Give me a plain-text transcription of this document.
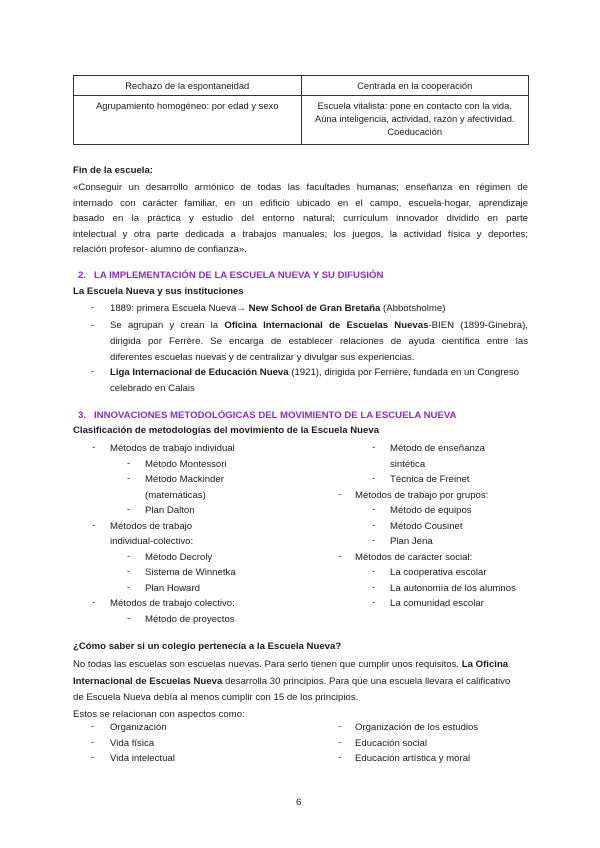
Rechazo de la espontaneidad	Centrada en la cooperación
Agrupamiento homogéneo: por edad y sexo	Escuela vitalista: pone en contacto con la vida.
Aúna inteligencia, actividad, razón y afectividad.
Coeducación
Fin de la escuela:
«Conseguir un desarrollo armónico de todas las facultades humanas; enseñanza en régimen de
internado con carácter familiar, en un edificio ubicado en el campo, escuela-hogar, aprendizaje
basado en la práctica y estudio del entorno natural; currículum innovador dividido en parte
intelectual y otra parte dedicada a trabajos manuales; los juegos, la actividad física y deportes;
relación profesor- alumno de confianza».
2.   LA IMPLEMENTACIÓN DE LA ESCUELA NUEVA Y SU DIFUSIÓN
La Escuela Nueva y sus instituciones
- 1889: primera Escuela Nueva→ New School de Gran Bretaña (Abbotsholme)
- Se agrupan y crean la Oficina Internacional de Escuelas Nuevas-BIEN (1899-Ginebra),
dirigida por Ferrère. Se encarga de establecer relaciones de ayuda científica entre las
diferentes escuelas nuevas y de centralizar y divulgar sus experiencias.
- Liga Internacional de Educación Nueva (1921), dirigida por Ferrière, fundada en un Congreso
celebrado en Calais
3.   INNOVACIONES METODOLÓGICAS DEL MOVIMIENTO DE LA ESCUELA NUEVA
Clasificación de metodologías del movimiento de la Escuela Nueva
- Métodos de trabajo individual
- Método Montessori
- Método Mackinder
(matemáticas)
- Plan Dalton
- Métodos de trabajo
individual-colectivo:
- Método Decroly
- Sistema de Winnetka
- Plan Howard
- Métodos de trabajo colectivo:
- Método de proyectos
- Método de enseñanza
sintética
- Técnica de Freinet
- Métodos de trabajo por grupos:
- Método de equipos
- Método Cousinet
- Plan Jena
- Métodos de carácter social:
- La cooperativa escolar
- La autonomía de los alumnos
- La comunidad escolar
¿Cómo saber si un colegio pertenecía a la Escuela Nueva?
No todas las escuelas son escuelas nuevas. Para serlo tienen que cumplir unos requisitos. La Oficina
Internacional de Escuelas Nueva desarrolla 30 principios. Para que una escuela llevara el calificativo
de Escuela Nueva debía al menos cumplir con 15 de los principios.
Estos se relacionan con aspectos como:
- Organización
- Vida física
- Vida intelectual
- Organización de los estudios
- Educación social
- Educación artística y moral
6
